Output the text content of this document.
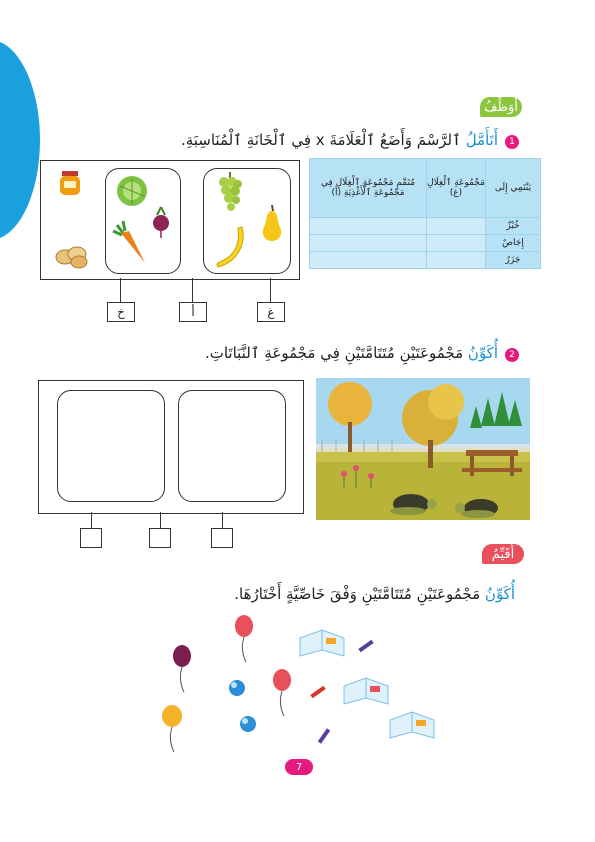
أُوَظِّفُ
1
أَتَأَمَّلُ ٱلرَّسْمَ وَأَضَعُ ٱلْعَلَامَةَ x فِي ٱلْخَانَةِ ٱلْمُنَاسِبَةِ.
خ	أ	غ
يَنْتَمِي إِلَى	مَجْمُوعَةِ ٱلْغِلَالِ (غ)	مُتَمِّمِ مَجْمُوعَةِ ٱلْغِلَالِ فِي مَجْمُوعَةِ ٱلْأَغْذِيَةِ (أ)
خُبْزٌ		
إِجَاصٌ		
جَزَرٌ		
2
أُكَوِّنُ مَجْمُوعَتَيْنِ مُتَتَامَّتَيْنِ فِي مَجْمُوعَةِ ٱلنَّبَاتَاتِ.
أُقَيِّمُ
أُكَوِّنُ مَجْمُوعَتَيْنِ مُتَتَامَّتَيْنِ وَفْقَ خَاصِّيَّةٍ أَخْتَارُهَا.
7
